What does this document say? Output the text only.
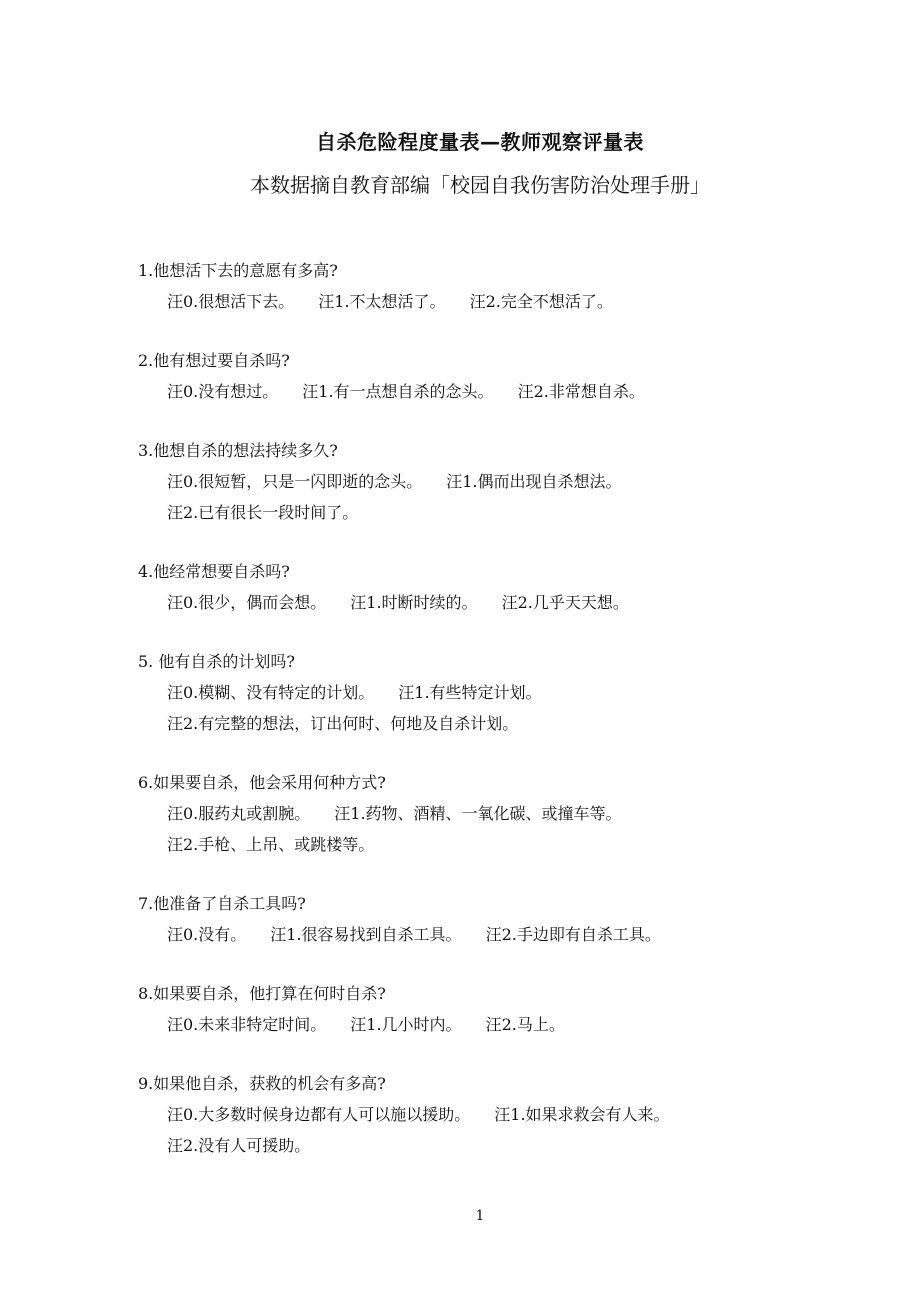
自杀危险程度量表—教师观察评量表
本数据摘自教育部编「校园自我伤害防治处理手册」
1.他想活下去的意愿有多高?
汪0.很想活下去。 汪1.不太想活了。 汪2.完全不想活了。
2.他有想过要自杀吗?
汪0.没有想过。 汪1.有一点想自杀的念头。 汪2.非常想自杀。
3.他想自杀的想法持续多久?
汪0.很短暂，只是一闪即逝的念头。 汪1.偶而出现自杀想法。
汪2.已有很长一段时间了。
4.他经常想要自杀吗?
汪0.很少，偶而会想。 汪1.时断时续的。 汪2.几乎天天想。
5. 他有自杀的计划吗?
汪0.模糊、没有特定的计划。 汪1.有些特定计划。
汪2.有完整的想法，订出何时、何地及自杀计划。
6.如果要自杀，他会采用何种方式?
汪0.服药丸或割腕。 汪1.药物、酒精、一氧化碳、或撞车等。
汪2.手枪、上吊、或跳楼等。
7.他准备了自杀工具吗?
汪0.没有。 汪1.很容易找到自杀工具。 汪2.手边即有自杀工具。
8.如果要自杀，他打算在何时自杀?
汪0.未来非特定时间。 汪1.几小时内。 汪2.马上。
9.如果他自杀，获救的机会有多高?
汪0.大多数时候身边都有人可以施以援助。 汪1.如果求救会有人来。
汪2.没有人可援助。
1
